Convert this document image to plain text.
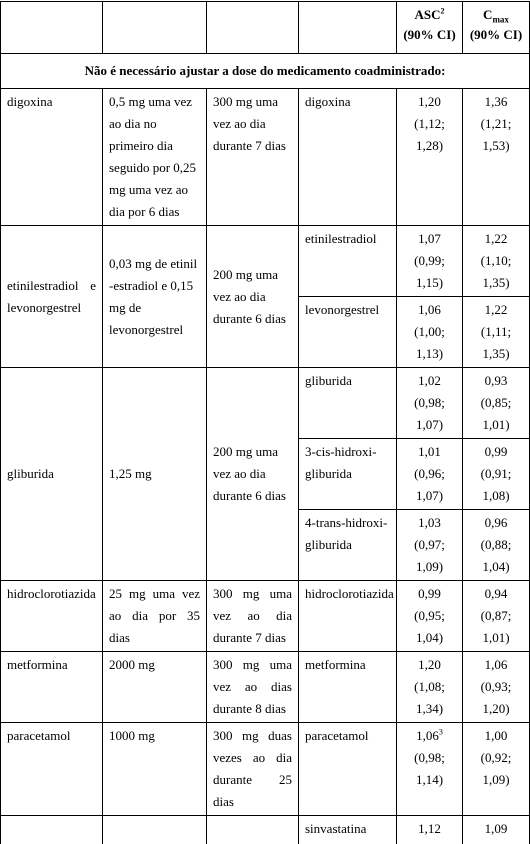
				ASC$^2$
(90% CI)	$C_{max}$
(90% CI)
Não é necessário ajustar a dose do medicamento coadministrado:					
digoxina	0,5 mg uma vez ao dia no primeiro dia seguido por 0,25 mg uma vez ao dia por 6 dias	300 mg uma vez ao dia durante 7 dias	digoxina	1,20
(1,12;
1,28)	1,36
(1,21;
1,53)
etinilestradiol e levonorgestrel	0,03 mg de etinil -estradiol e 0,15 mg de levonorgestrel	200 mg uma vez ao dia durante 6 dias	etinilestradiol	1,07
(0,99;
1,15)	1,22
(1,10;
1,35)
			levonorgestrel	1,06
(1,00;
1,13)	1,22
(1,11;
1,35)
gliburida	1,25 mg	200 mg uma vez ao dia durante 6 dias	gliburida	1,02
(0,98;
1,07)	0,93
(0,85;
1,01)
			3-cis-hidroxi-gliburida	1,01
(0,96;
1,07)	0,99
(0,91;
1,08)
			4-trans-hidroxi-gliburida	1,03
(0,97;
1,09)	0,96
(0,88;
1,04)
hidroclorotiazida	25 mg uma vez ao dia por 35 dias	300 mg uma vez ao dia durante 7 dias	hidroclorotiazida	0,99
(0,95;
1,04)	0,94
(0,87;
1,01)
metformina	2000 mg	300 mg uma vez ao dias durante 8 dias	metformina	1,20
(1,08;
1,34)	1,06
(0,93;
1,20)
paracetamol	1000 mg	300 mg duas vezes ao dia durante 25 dias	paracetamol	1,06$^3$
(0,98;
1,14)	1,00
(0,92;
1,09)
			sinvastatina	1,12	1,09
